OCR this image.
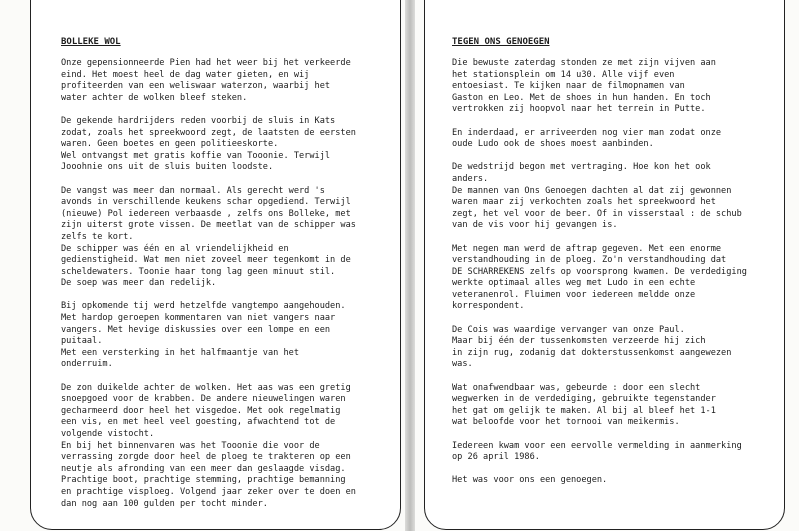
BOLLEKE WOL
Onze gepensionneerde Pien had het weer bij het verkeerde
eind. Het moest heel de dag water gieten, en wij
profiteerden van een weliswaar waterzon, waarbij het
water achter de wolken bleef steken.
De gekende hardrijders reden voorbij de sluis in Kats
zodat, zoals het spreekwoord zegt, de laatsten de eersten
waren. Geen boetes en geen politieeskorte.
Wel ontvangst met gratis koffie van Tooonie. Terwijl
Jooohnie ons uit de sluis buiten loodste.
De vangst was meer dan normaal. Als gerecht werd 's
avonds in verschillende keukens schar opgediend. Terwijl
(nieuwe) Pol iedereen verbaasde , zelfs ons Bolleke, met
zijn uiterst grote vissen. De meetlat van de schipper was
zelfs te kort.
De schipper was één en al vriendelijkheid en
gedienstigheid. Wat men niet zoveel meer tegenkomt in de
scheldewaters. Toonie haar tong lag geen minuut stil.
De soep was meer dan redelijk.
Bij opkomende tij werd hetzelfde vangtempo aangehouden.
Met hardop geroepen kommentaren van niet vangers naar
vangers. Met hevige diskussies over een lompe en een
puitaal.
Met een versterking in het halfmaantje van het
onderruim.
De zon duikelde achter de wolken. Het aas was een gretig
snoepgoed voor de krabben. De andere nieuwelingen waren
gecharmeerd door heel het visgedoe. Met ook regelmatig
een vis, en met heel veel goesting, afwachtend tot de
volgende vistocht.
En bij het binnenvaren was het Tooonie die voor de
verrassing zorgde door heel de ploeg te trakteren op een
neutje als afronding van een meer dan geslaagde visdag.
Prachtige boot, prachtige stemming, prachtige bemanning
en prachtige visploeg. Volgend jaar zeker over te doen en
dan nog aan 100 gulden per tocht minder.
TEGEN ONS GENOEGEN
Die bewuste zaterdag stonden ze met zijn vijven aan
het stationsplein om 14 u30. Alle vijf even
entoesiast. Te kijken naar de filmopnamen van
Gaston en Leo. Met de shoes in hun handen. En toch
vertrokken zij hoopvol naar het terrein in Putte.
En inderdaad, er arriveerden nog vier man zodat onze
oude Ludo ook de shoes moest aanbinden.
De wedstrijd begon met vertraging. Hoe kon het ook
anders.
De mannen van Ons Genoegen dachten al dat zij gewonnen
waren maar zij verkochten zoals het spreekwoord het
zegt, het vel voor de beer. Of in visserstaal : de schub
van de vis voor hij gevangen is.
Met negen man werd de aftrap gegeven. Met een enorme
verstandhouding in de ploeg. Zo'n verstandhouding dat
DE SCHARREKENS zelfs op voorsprong kwamen. De verdediging
werkte optimaal alles weg met Ludo in een echte
veteranenrol. Fluimen voor iedereen meldde onze
korrespondent.
De Cois was waardige vervanger van onze Paul.
Maar bij één der tussenkomsten verzeerde hij zich
in zijn rug, zodanig dat dokterstussenkomst aangewezen
was.
Wat onafwendbaar was, gebeurde : door een slecht
wegwerken in de verdediging, gebruikte tegenstander
het gat om gelijk te maken. Al bij al bleef het 1-1
wat beloofde voor het tornooi van meikermis.
Iedereen kwam voor een eervolle vermelding in aanmerking
op 26 april 1986.
Het was voor ons een genoegen.
